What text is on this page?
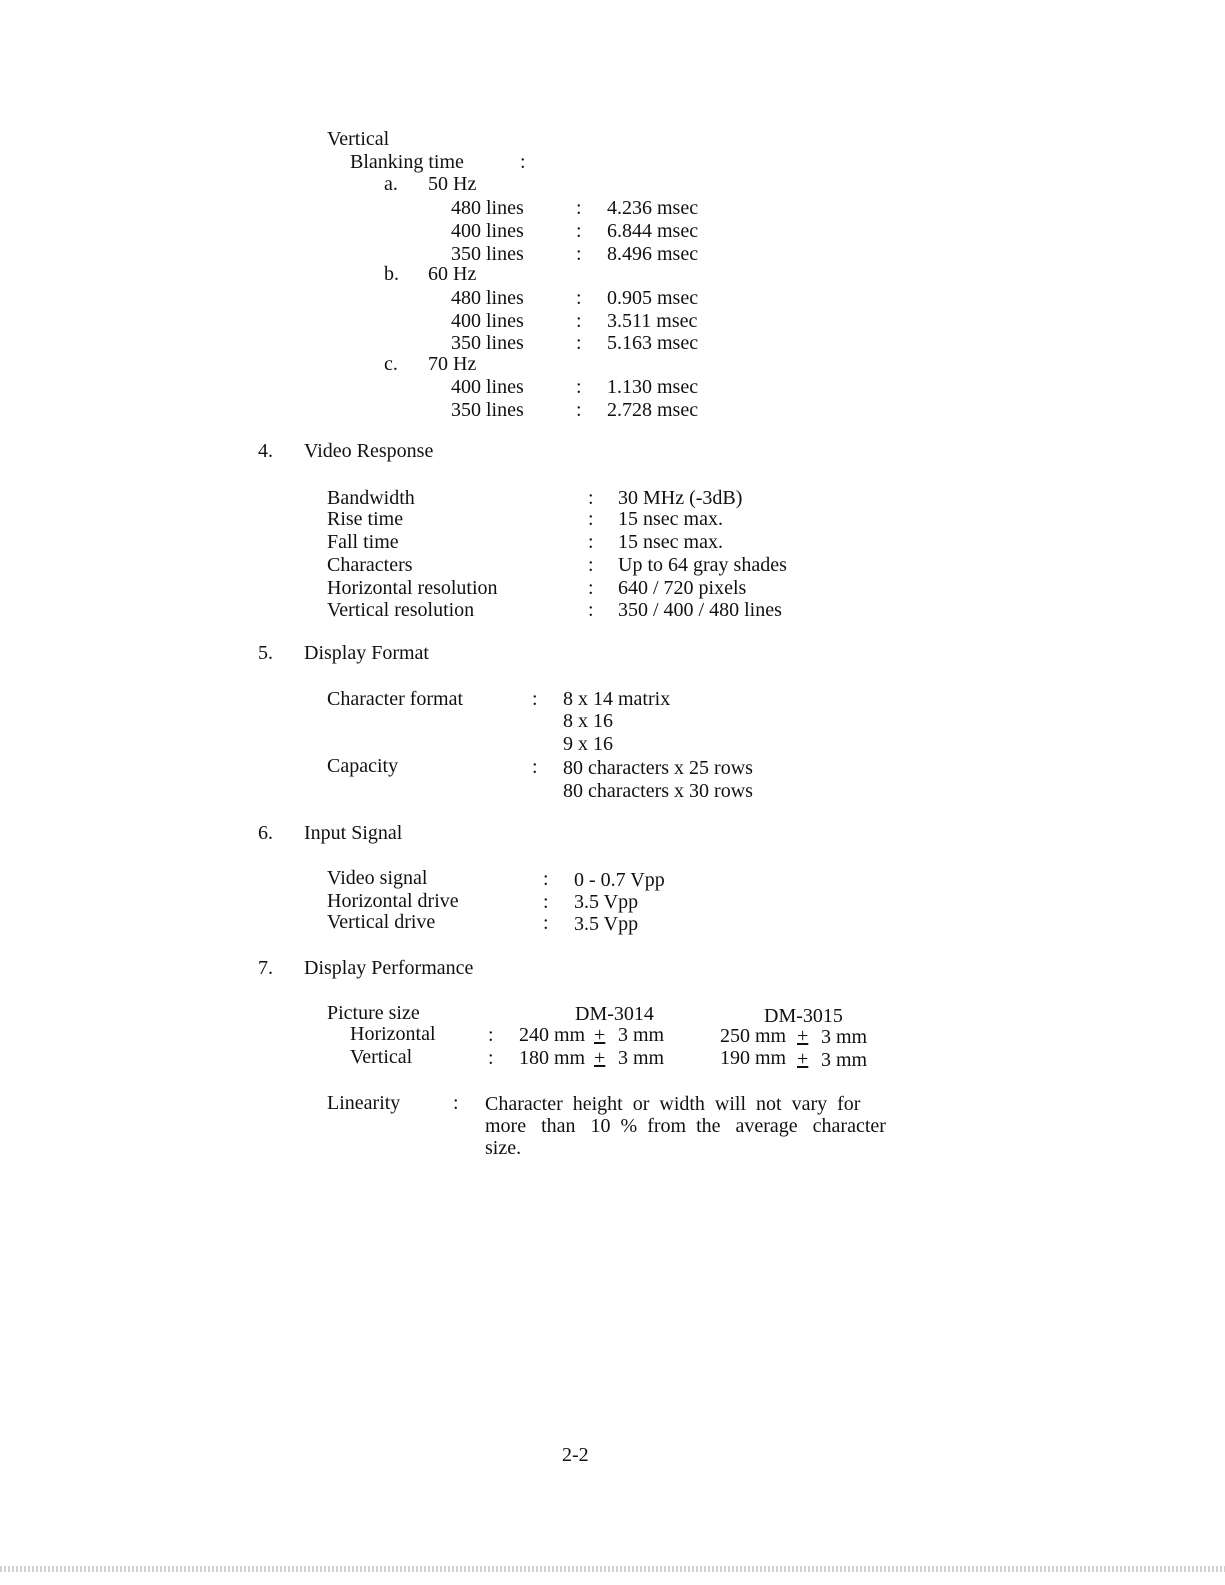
Vertical
Blanking time	:
a. 50 Hz
480 lines	: 4.236 msec
400 lines	: 6.844 msec
350 lines	: 8.496 msec
b. 60 Hz
480 lines	: 0.905 msec
400 lines	: 3.511 msec
350 lines	: 5.163 msec
c. 70 Hz
400 lines	: 1.130 msec
350 lines	: 2.728 msec
4. Video Response
Bandwidth	: 30 MHz (-3dB)
Rise time	: 15 nsec max.
Fall time	: 15 nsec max.
Characters	: Up to 64 gray shades
Horizontal resolution	: 640 / 720 pixels
Vertical resolution	: 350 / 400 / 480 lines
5. Display Format
Character format	: 8 x 14 matrix
8 x 16
9 x 16
Capacity	: 80 characters x 25 rows
80 characters x 30 rows
6. Input Signal
Video signal	: 0 - 0.7 Vpp
Horizontal drive	: 3.5 Vpp
Vertical drive	: 3.5 Vpp
7. Display Performance
Picture size	DM-3014	DM-3015
Horizontal	: 240 mm + 3 mm	250 mm + 3 mm
Vertical	: 180 mm + 3 mm	190 mm + 3 mm
Linearity	: Character  height  or  width  will  not  vary  for
more   than   10  %  from  the   average   character
size.
2-2
